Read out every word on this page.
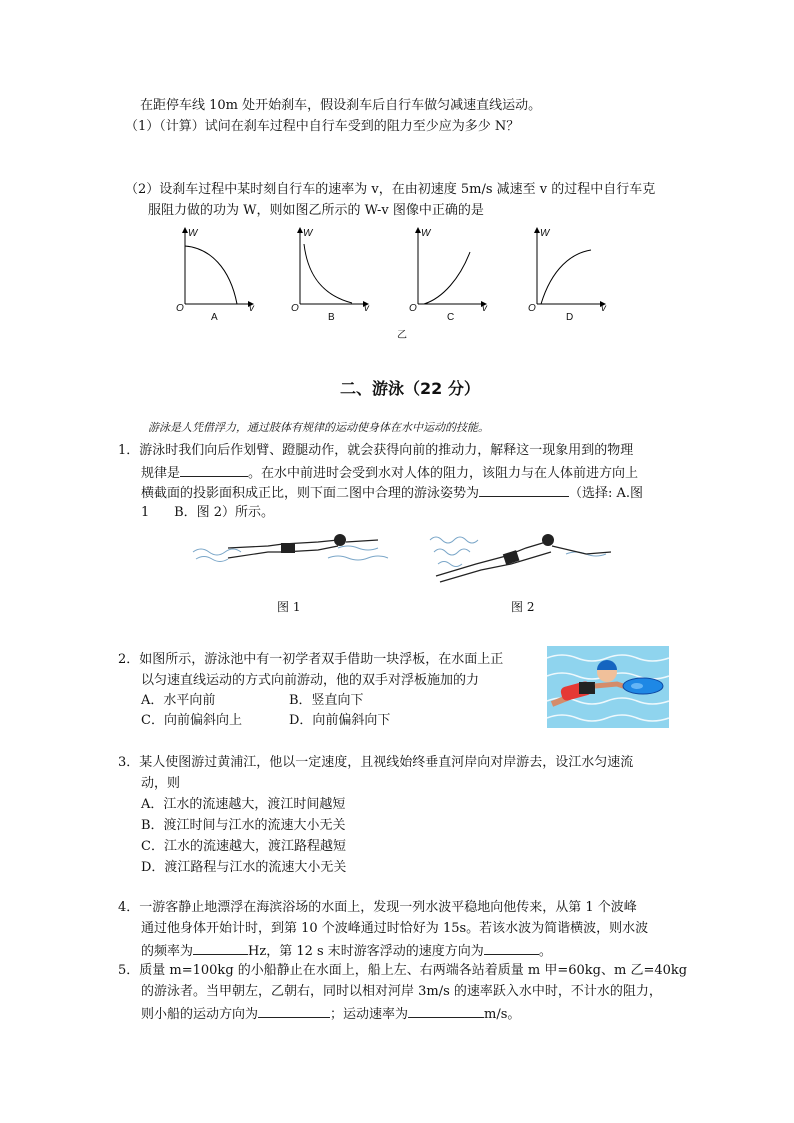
在距停车线 10m 处开始刹车，假设刹车后自行车做匀减速直线运动。
（1）（计算）试问在刹车过程中自行车受到的阻力至少应为多少 N？
（2）设刹车过程中某时刻自行车的速率为 v，在由初速度 5m/s 减速至 v 的过程中自行车克
服阻力做的功为 W，则如图乙所示的 W-v 图像中正确的是
W	W	W	W
O	O	O	O
v	v	v	v
A	B	C	D
乙
二、游泳（22 分）
游泳是人凭借浮力，通过肢体有规律的运动使身体在水中运动的技能。
1．游泳时我们向后作划臂、蹬腿动作，就会获得向前的推动力，解释这一现象用到的物理
规律是	。在水中前进时会受到水对人体的阻力，该阻力与在人体前进方向上
横截面的投影面积成正比，则下面二图中合理的游泳姿势为	（选择: A.图
1      B．图 2）所示。
图 1	图 2
2．如图所示，游泳池中有一初学者双手借助一块浮板，在水面上正
以匀速直线运动的方式向前游动，他的双手对浮板施加的力
A．水平向前	B．竖直向下
C．向前偏斜向上	D．向前偏斜向下
3．某人使图游过黄浦江，他以一定速度，且视线始终垂直河岸向对岸游去，设江水匀速流
动，则
A．江水的流速越大，渡江时间越短
B．渡江时间与江水的流速大小无关
C．江水的流速越大，渡江路程越短
D．渡江路程与江水的流速大小无关
4．一游客静止地漂浮在海滨浴场的水面上，发现一列水波平稳地向他传来，从第 1 个波峰
通过他身体开始计时，到第 10 个波峰通过时恰好为 15s。若该水波为简谐横波，则水波
的频率为	Hz，第 12 s 末时游客浮动的速度方向为	。
5．质量 m=100kg 的小船静止在水面上，船上左、右两端各站着质量 m 甲=60kg、m 乙=40kg
的游泳者。当甲朝左，乙朝右，同时以相对河岸 3m/s 的速率跃入水中时，不计水的阻力，
则小船的运动方向为	；运动速率为	m/s。
